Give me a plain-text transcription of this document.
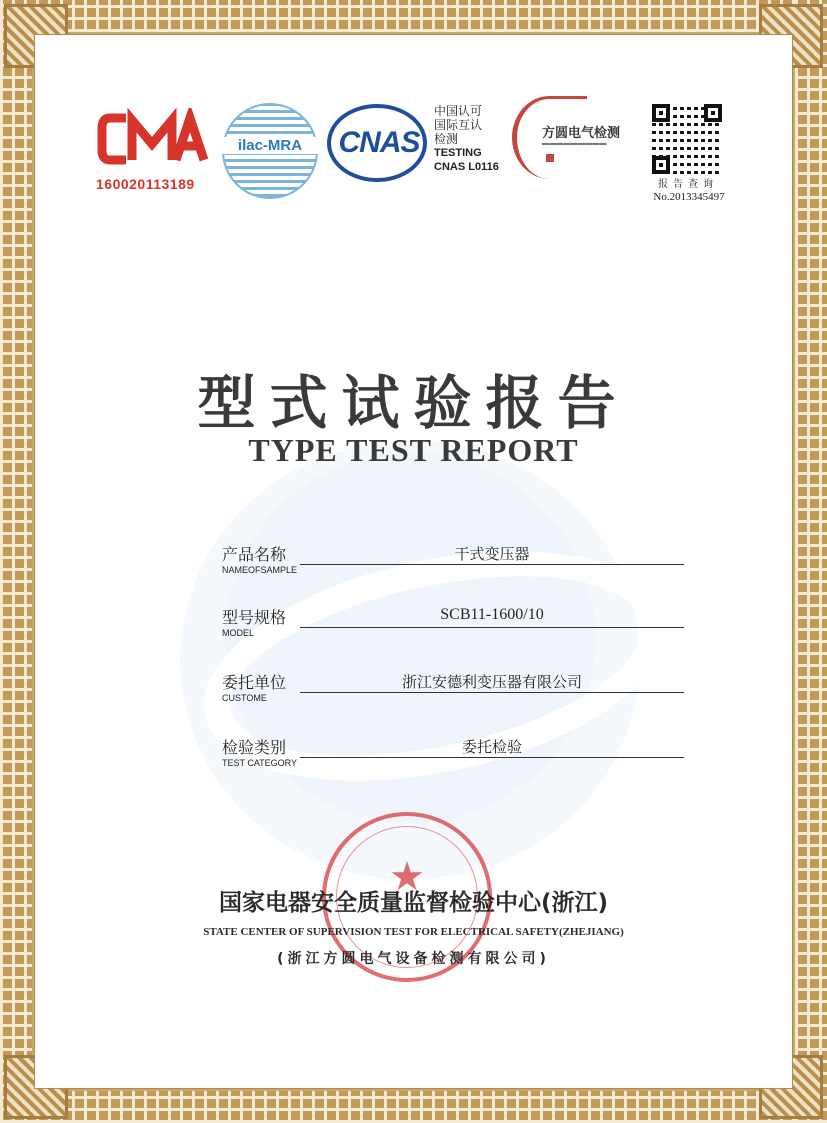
160020113189
ilac-MRA	CNAS
中国认可
国际互认
检测
TESTING
CNAS L0116
方圆电气检测
▬▬▬▬▬▬▬▬▬
报告查询
No.2013345497
型式试验报告
TYPE TEST REPORT
产品名称
NAMEOFSAMPLE
干式变压器
型号规格
MODEL
SCB11-1600/10
委托单位
CUSTOME
浙江安德利变压器有限公司
检验类别
TEST CATEGORY
委托检验
★
国家电器安全质量监督检验中心(浙江)
STATE CENTER OF SUPERVISION TEST FOR ELECTRICAL SAFETY(ZHEJIANG)
(浙江方圆电气设备检测有限公司)
